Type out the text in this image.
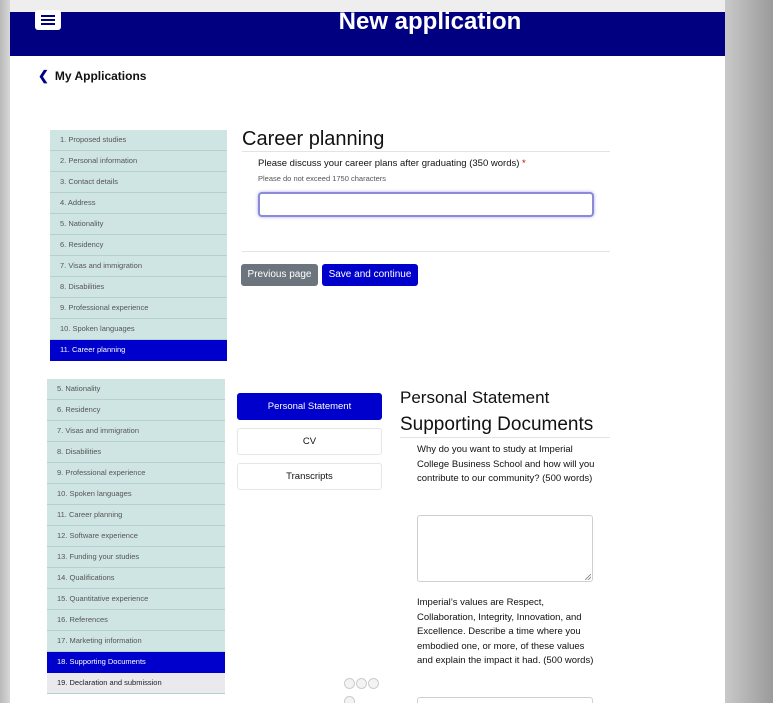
New application
❮ My Applications
1. Proposed studies
2. Personal information
3. Contact details
4. Address
5. Nationality
6. Residency
7. Visas and immigration
8. Disabilities
9. Professional experience
10. Spoken languages
11. Career planning
Career planning
Please discuss your career plans after graduating (350 words) *
Please do not exceed 1750 characters
Previous page	Save and continue
5. Nationality
6. Residency
7. Visas and immigration
8. Disabilities
9. Professional experience
10. Spoken languages
11. Career planning
12. Software experience
13. Funding your studies
14. Qualifications
15. Quantitative experience
16. References
17. Marketing information
18. Supporting Documents
19. Declaration and submission
Personal Statement
CV
Transcripts
Personal Statement
Supporting Documents
Why do you want to study at Imperial College Business School and how will you contribute to our community? (500 words)
Imperial’s values are Respect, Collaboration, Integrity, Innovation, and Excellence. Describe a time where you embodied one, or more, of these values and explain the impact it had. (500 words)
